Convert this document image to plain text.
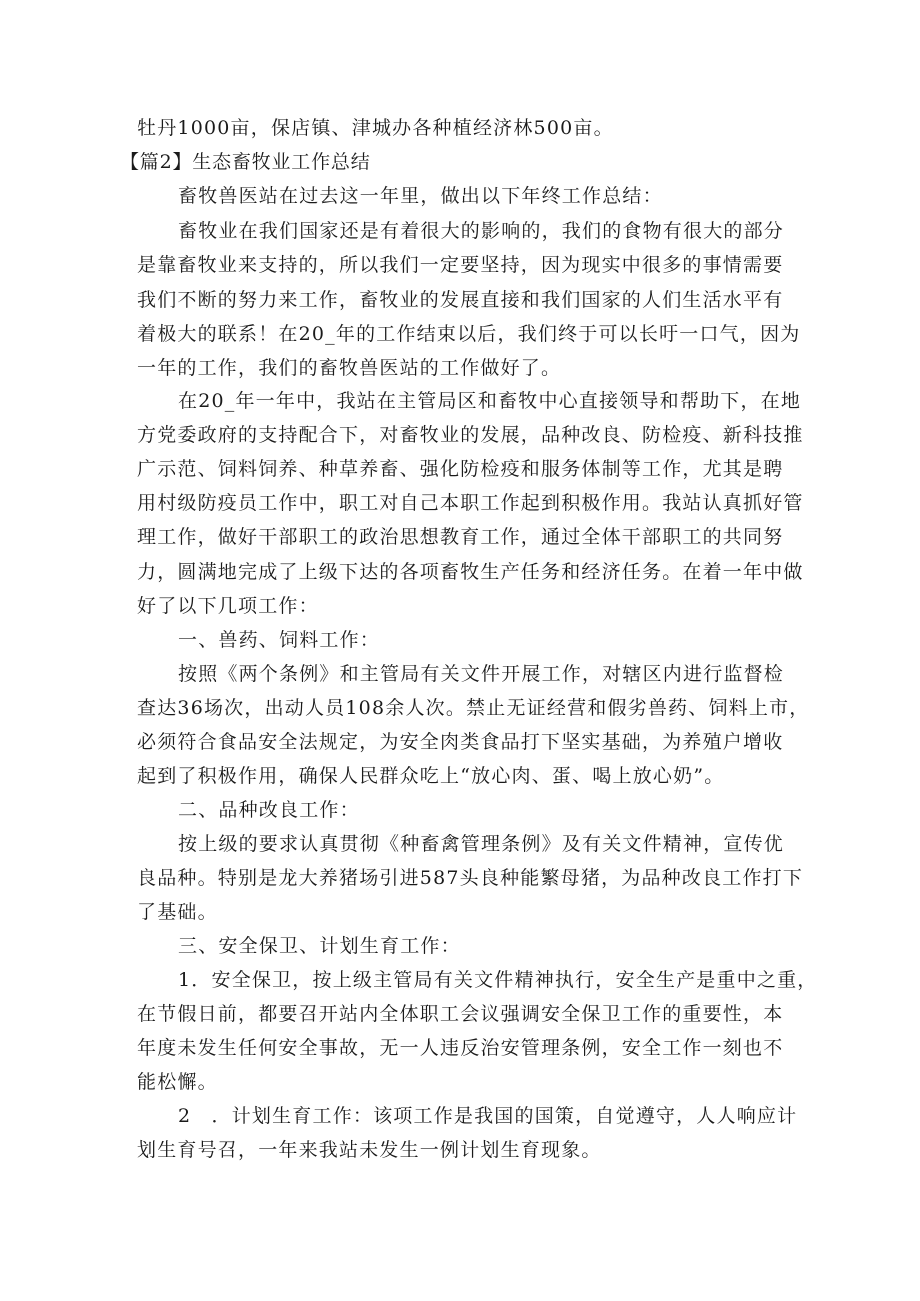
牡丹1000亩，保店镇、津城办各种植经济林500亩。
【篇2】生态畜牧业工作总结
畜牧兽医站在过去这一年里，做出以下年终工作总结：
畜牧业在我们国家还是有着很大的影响的，我们的食物有很大的部分
是靠畜牧业来支持的，所以我们一定要坚持，因为现实中很多的事情需要
我们不断的努力来工作，畜牧业的发展直接和我们国家的人们生活水平有
着极大的联系！在20_年的工作结束以后，我们终于可以长吁一口气，因为
一年的工作，我们的畜牧兽医站的工作做好了。
在20_年一年中，我站在主管局区和畜牧中心直接领导和帮助下，在地
方党委政府的支持配合下，对畜牧业的发展，品种改良、防检疫、新科技推
广示范、饲料饲养、种草养畜、强化防检疫和服务体制等工作，尤其是聘
用村级防疫员工作中，职工对自己本职工作起到积极作用。我站认真抓好管
理工作，做好干部职工的政治思想教育工作，通过全体干部职工的共同努
力，圆满地完成了上级下达的各项畜牧生产任务和经济任务。在着一年中做
好了以下几项工作：
一、兽药、饲料工作：
按照《两个条例》和主管局有关文件开展工作，对辖区内进行监督检
查达36场次，出动人员108余人次。禁止无证经营和假劣兽药、饲料上市，
必须符合食品安全法规定，为安全肉类食品打下坚实基础，为养殖户增收
起到了积极作用，确保人民群众吃上“放心肉、蛋、喝上放心奶”。
二、品种改良工作：
按上级的要求认真贯彻《种畜禽管理条例》及有关文件精神，宣传优
良品种。特别是龙大养猪场引进587头良种能繁母猪，为品种改良工作打下
了基础。
三、安全保卫、计划生育工作：
1．安全保卫，按上级主管局有关文件精神执行，安全生产是重中之重，
在节假日前，都要召开站内全体职工会议强调安全保卫工作的重要性，本
年度未发生任何安全事故，无一人违反治安管理条例，安全工作一刻也不
能松懈。
2　．计划生育工作：该项工作是我国的国策，自觉遵守，人人响应计
划生育号召，一年来我站未发生一例计划生育现象。
